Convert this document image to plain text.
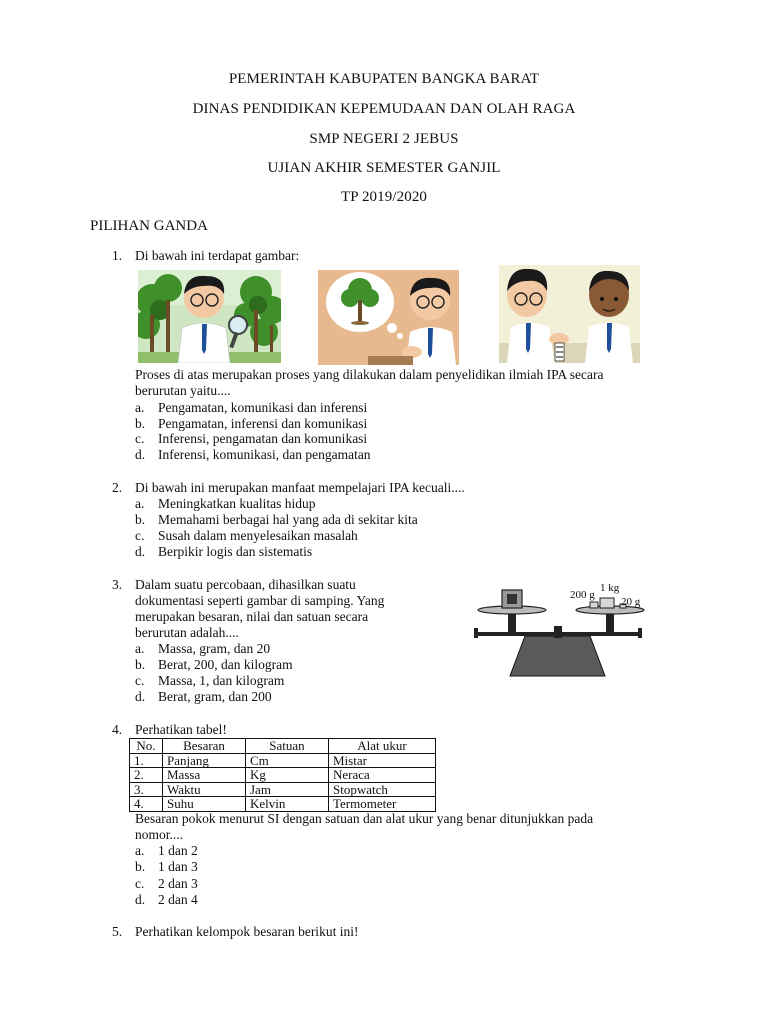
PEMERINTAH KABUPATEN BANGKA BARAT
DINAS PENDIDIKAN KEPEMUDAAN DAN OLAH RAGA
SMP NEGERI 2 JEBUS
UJIAN AKHIR SEMESTER GANJIL
TP 2019/2020
PILIHAN GANDA
1. Di bawah ini terdapat gambar:
Proses di atas merupakan proses yang dilakukan dalam penyelidikan ilmiah IPA secara
berurutan yaitu....
a. Pengamatan, komunikasi dan inferensi
b. Pengamatan, inferensi dan komunikasi
c. Inferensi, pengamatan dan komunikasi
d. Inferensi, komunikasi, dan pengamatan
2. Di bawah ini merupakan manfaat mempelajari IPA kecuali....
a. Meningkatkan kualitas hidup
b. Memahami berbagai hal yang ada di sekitar kita
c. Susah dalam menyelesaikan masalah
d. Berpikir logis dan sistematis
3. Dalam suatu percobaan, dihasilkan suatu
dokumentasi seperti gambar di samping. Yang
merupakan besaran, nilai dan satuan secara
berurutan adalah....
a. Massa, gram, dan 20
b. Berat, 200, dan kilogram
c. Massa, 1, dan kilogram
d. Berat, gram, dan 200
1 kg
200 g
20 g
4. Perhatikan tabel!
No.	Besaran	Satuan	Alat ukur
1.	Panjang	Cm	Mistar
2.	Massa	Kg	Neraca
3.	Waktu	Jam	Stopwatch
4.	Suhu	Kelvin	Termometer
Besaran pokok menurut SI dengan satuan dan alat ukur yang benar ditunjukkan pada
nomor....
a. 1 dan 2
b. 1 dan 3
c. 2 dan 3
d. 2 dan 4
5. Perhatikan kelompok besaran berikut ini!
